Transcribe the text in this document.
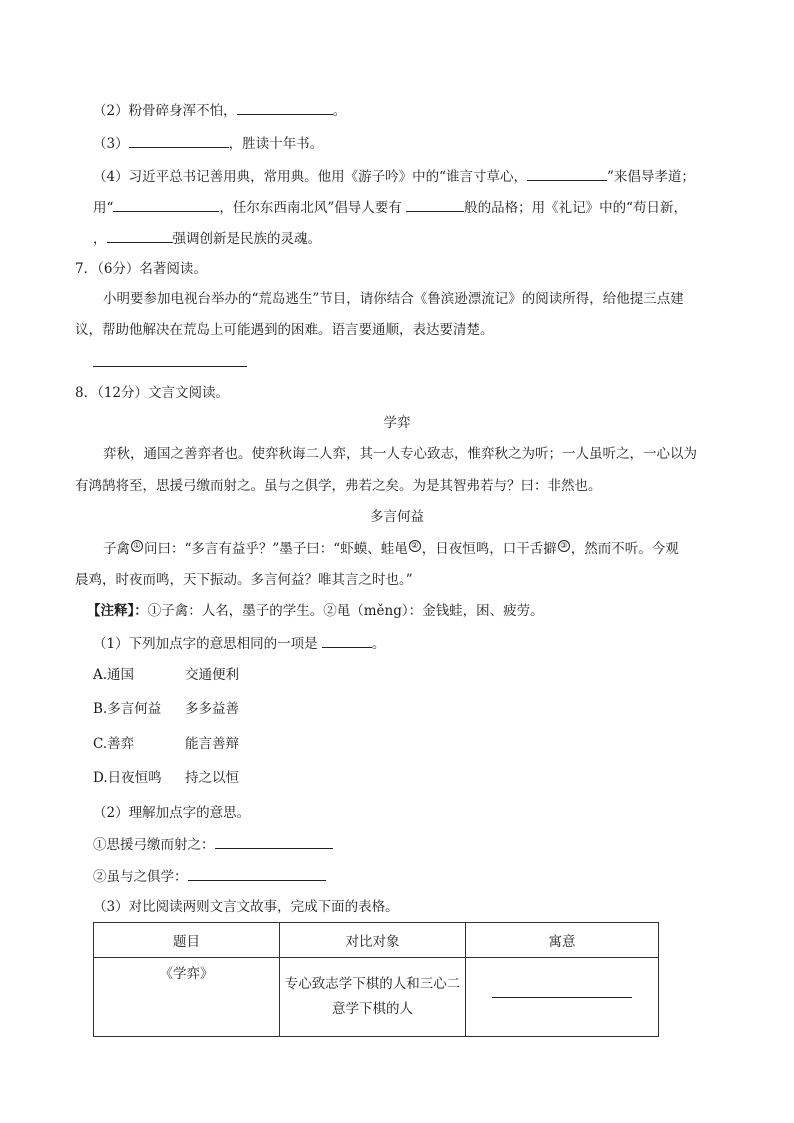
（2）粉骨碎身浑不怕，	。
（3）	，胜读十年书。
（4）习近平总书记善用典，常用典。他用《游子吟》中的“谁言寸草心，	”来倡导孝道；
用“	，任尔东西南北风”倡导人要有	般的品格；用《礼记》中的“苟日新，
，	强调创新是民族的灵魂。
7．（6分）名著阅读。
小明要参加电视台举办的“荒岛逃生”节目，请你结合《鲁滨逊漂流记》的阅读所得，给他提三点建
议，帮助他解决在荒岛上可能遇到的困难。语言要通顺，表达要清楚。
8．（12分）文言文阅读。
学弈
弈秋，通国之善弈者也。使弈秋诲二人弈，其一人专心致志，惟弈秋之为听；一人虽听之，一心以为
有鸿鹄将至，思援弓缴而射之。虽与之俱学，弗若之矣。为是其智弗若与？曰：非然也。
多言何益
子禽 ① 问曰：“多言有益乎？”墨子曰：“虾蟆、蛙黾 ② ，日夜恒鸣，口干舌擗 ③ ，然而不听。今观
晨鸡，时夜而鸣，天下振动。多言何益？唯其言之时也。”
【注释】：①子禽：人名，墨子的学生。②黾（měng）：金钱蛙，困、疲劳。
（1）下列加点字的意思相同的一项是	。
A.通国	交通便利
B.多言何益 多多益善
C.善弈	能言善辩
D.日夜恒鸣 持之以恒
（2）理解加点字的意思。
①思援弓缴而射之：
②虽与之俱学：
（3）对比阅读两则文言文故事，完成下面的表格。
题目	对比对象	寓意
《学弈》	专心致志学下棋的人和三心二意学下棋的人	
